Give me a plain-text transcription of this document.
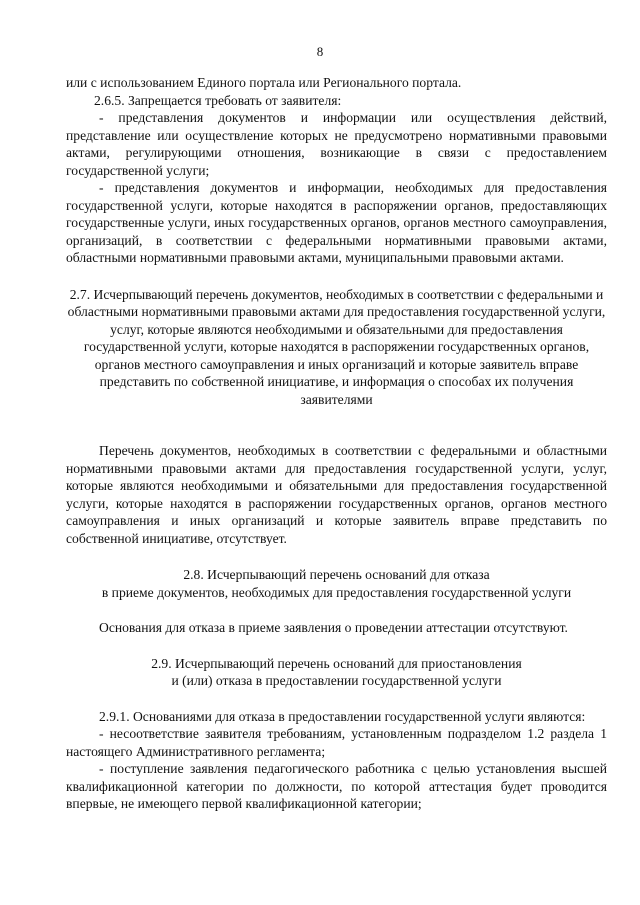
8

или с использованием Единого портала или Регионального портала.

2.6.5. Запрещается требовать от заявителя:

- представления документов и информации или осуществления действий, представление или осуществление которых не предусмотрено нормативными правовыми актами, регулирующими отношения, возникающие в связи с предоставлением государственной услуги;

- представления документов и информации, необходимых для предоставления государственной услуги, которые находятся в распоряжении органов, предоставляющих государственные услуги, иных государственных органов, органов местного самоуправления, организаций, в соответствии с федеральными нормативными правовыми актами, областными нормативными правовыми актами, муниципальными правовыми актами.

2.7. Исчерпывающий перечень документов, необходимых в соответствии с федеральными и областными нормативными правовыми актами для предоставления государственной услуги, услуг, которые являются необходимыми и обязательными для предоставления государственной услуги, которые находятся в распоряжении государственных органов, органов местного самоуправления и иных организаций и которые заявитель вправе представить по собственной инициативе, и информация о способах их получения заявителями

Перечень документов, необходимых в соответствии с федеральными и областными нормативными правовыми актами для предоставления государственной услуги, услуг, которые являются необходимыми и обязательными для предоставления государственной услуги, которые находятся в распоряжении государственных органов, органов местного самоуправления и иных организаций и которые заявитель вправе представить по собственной инициативе, отсутствует.

2.8. Исчерпывающий перечень оснований для отказа

в приеме документов, необходимых для предоставления государственной услуги

Основания для отказа в приеме заявления о проведении аттестации отсутствуют.

2.9. Исчерпывающий перечень оснований для приостановления

и (или) отказа в предоставлении государственной услуги

2.9.1. Основаниями для отказа в предоставлении государственной услуги являются:

- несоответствие заявителя требованиям, установленным подразделом 1.2 раздела 1 настоящего Административного регламента;

- поступление заявления педагогического работника с целью установления высшей квалификационной категории по должности, по которой аттестация будет проводится впервые, не имеющего первой квалификационной категории;
